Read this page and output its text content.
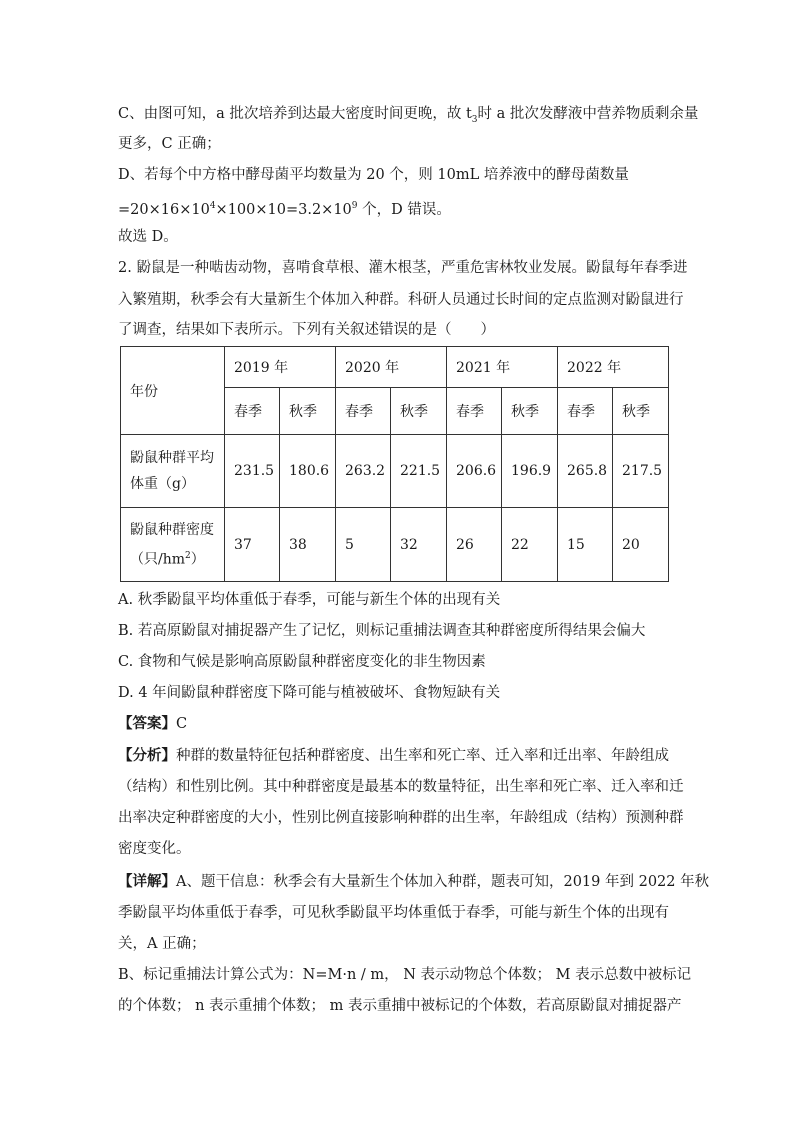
C、由图可知，a 批次培养到达最大密度时间更晚，故 $t_3$时 a 批次发酵液中营养物质剩余量
更多，C 正确；
D、若每个中方格中酵母菌平均数量为 20 个，则 10mL 培养液中的酵母菌数量
$=20\times 16\times 10^4\times 100\times 10=3.2\times 10^9$ 个，D 错误。
故选 D。
2. 鼢鼠是一种啮齿动物，喜啃食草根、灌木根茎，严重危害林牧业发展。鼢鼠每年春季进
入繁殖期，秋季会有大量新生个体加入种群。科研人员通过长时间的定点监测对鼢鼠进行
了调查，结果如下表所示。下列有关叙述错误的是（　　）
年份	2019 年		2020 年		2021 年		2022 年	
	春季	秋季	春季	秋季	春季	秋季	春季	秋季

鼢鼠种群平均
体重（g）	231.5	180.6	263.2	221.5	206.6	196.9	265.8	217.5

鼢鼠种群密度
（只$/hm^2$）	37	38	5	32	26	22	15	20
A. 秋季鼢鼠平均体重低于春季，可能与新生个体的出现有关
B. 若高原鼢鼠对捕捉器产生了记忆，则标记重捕法调查其种群密度所得结果会偏大
C. 食物和气候是影响高原鼢鼠种群密度变化的非生物因素
D. 4 年间鼢鼠种群密度下降可能与植被破坏、食物短缺有关
【答案】C
【分析】种群的数量特征包括种群密度、出生率和死亡率、迁入率和迁出率、年龄组成
（结构）和性别比例。其中种群密度是最基本的数量特征，出生率和死亡率、迁入率和迁
出率决定种群密度的大小，性别比例直接影响种群的出生率，年龄组成（结构）预测种群
密度变化。
【详解】A、题干信息：秋季会有大量新生个体加入种群，题表可知，2019 年到 2022 年秋
季鼢鼠平均体重低于春季，可见秋季鼢鼠平均体重低于春季，可能与新生个体的出现有
关，A 正确；
B、标记重捕法计算公式为：N=M·n / m， N 表示动物总个体数； M 表示总数中被标记
的个体数； n 表示重捕个体数； m 表示重捕中被标记的个体数，若高原鼢鼠对捕捉器产
